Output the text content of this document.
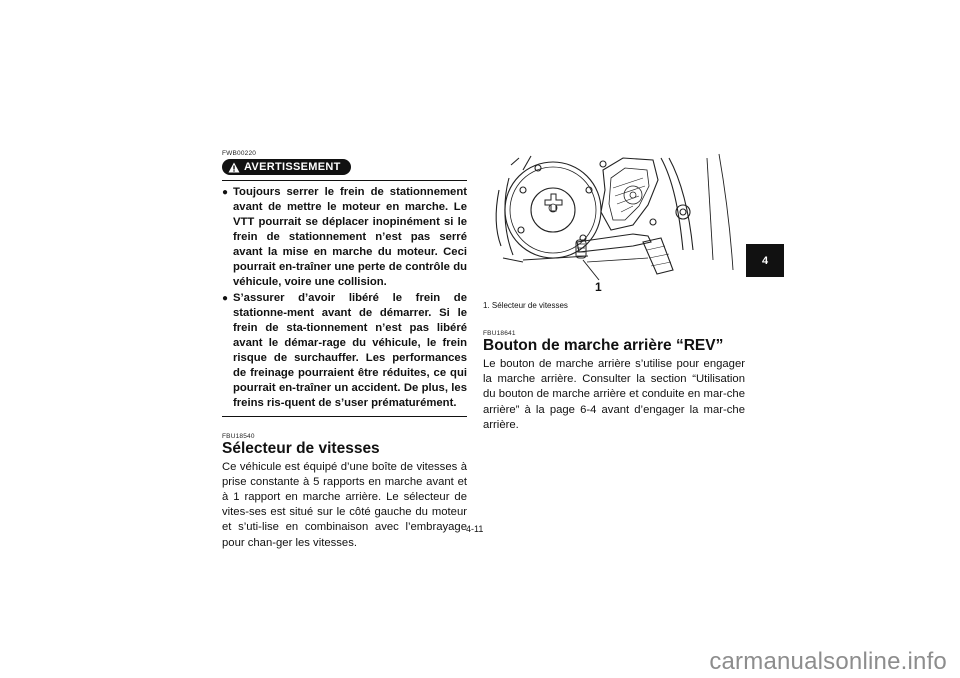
FWB00220
AVERTISSEMENT
● Toujours serrer le frein de stationnement avant de mettre le moteur en marche. Le VTT pourrait se déplacer inopinément si le frein de stationnement n’est pas serré avant la mise en marche du moteur. Ceci pourrait en-traîner une perte de contrôle du véhicule, voire une collision.
● S’assurer d’avoir libéré le frein de stationne-ment avant de démarrer. Si le frein de sta-tionnement n’est pas libéré avant le démar-rage du véhicule, le frein risque de surchauffer. Les performances de freinage pourraient être réduites, ce qui pourrait en-traîner un accident. De plus, les freins ris-quent de s’user prématurément.
FBU18540
Sélecteur de vitesses

Ce véhicule est équipé d’une boîte de vitesses à prise constante à 5 rapports en marche avant et à 1 rapport en marche arrière. Le sélecteur de vites-ses est situé sur le côté gauche du moteur et s’uti-lise en combinaison avec l’embrayage pour chan-ger les vitesses.

1
1. Sélecteur de vitesses
FBU18641
Bouton de marche arrière “REV”

Le bouton de marche arrière s’utilise pour engager la marche arrière. Consulter la section “Utilisation du bouton de marche arrière et conduite en mar-che arrière” à la page 6-4 avant d’engager la mar-che arrière.

4-11
4
carmanualsonline.info
